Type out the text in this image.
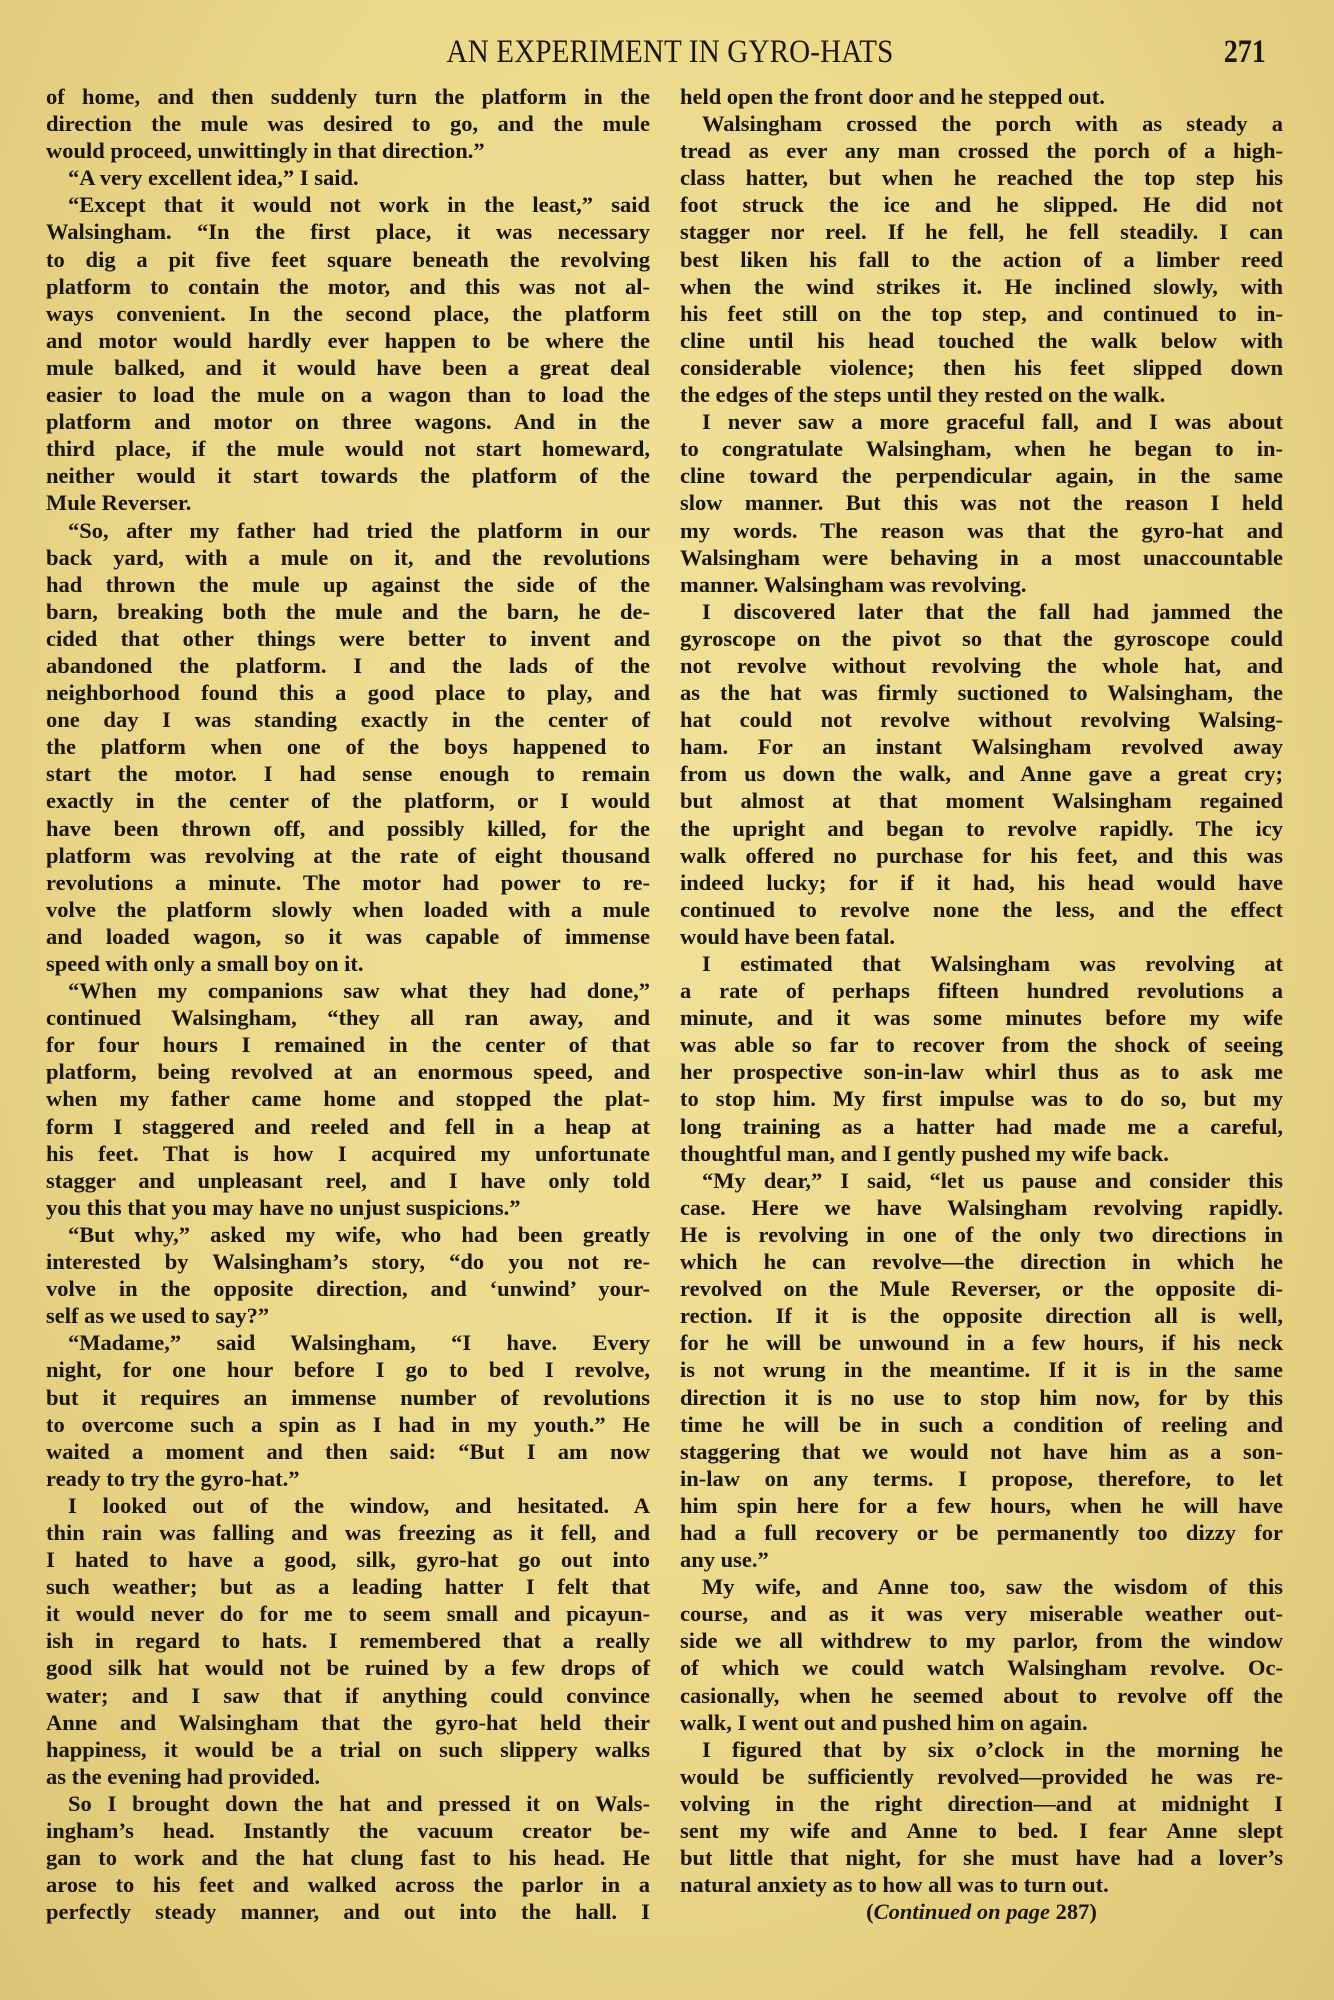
AN EXPERIMENT IN GYRO-HATS	271
of home, and then suddenly turn the platform in the
direction the mule was desired to go, and the mule
would proceed, unwittingly in that direction.”
“A very excellent idea,” I said.
“Except that it would not work in the least,” said
Walsingham. “In the first place, it was necessary
to dig a pit five feet square beneath the revolving
platform to contain the motor, and this was not al-
ways convenient. In the second place, the platform
and motor would hardly ever happen to be where the
mule balked, and it would have been a great deal
easier to load the mule on a wagon than to load the
platform and motor on three wagons. And in the
third place, if the mule would not start homeward,
neither would it start towards the platform of the
Mule Reverser.
“So, after my father had tried the platform in our
back yard, with a mule on it, and the revolutions
had thrown the mule up against the side of the
barn, breaking both the mule and the barn, he de-
cided that other things were better to invent and
abandoned the platform. I and the lads of the
neighborhood found this a good place to play, and
one day I was standing exactly in the center of
the platform when one of the boys happened to
start the motor. I had sense enough to remain
exactly in the center of the platform, or I would
have been thrown off, and possibly killed, for the
platform was revolving at the rate of eight thousand
revolutions a minute. The motor had power to re-
volve the platform slowly when loaded with a mule
and loaded wagon, so it was capable of immense
speed with only a small boy on it.
“When my companions saw what they had done,”
continued Walsingham, “they all ran away, and
for four hours I remained in the center of that
platform, being revolved at an enormous speed, and
when my father came home and stopped the plat-
form I staggered and reeled and fell in a heap at
his feet. That is how I acquired my unfortunate
stagger and unpleasant reel, and I have only told
you this that you may have no unjust suspicions.”
“But why,” asked my wife, who had been greatly
interested by Walsingham’s story, “do you not re-
volve in the opposite direction, and ‘unwind’ your-
self as we used to say?”
“Madame,” said Walsingham, “I have. Every
night, for one hour before I go to bed I revolve,
but it requires an immense number of revolutions
to overcome such a spin as I had in my youth.” He
waited a moment and then said: “But I am now
ready to try the gyro-hat.”
I looked out of the window, and hesitated. A
thin rain was falling and was freezing as it fell, and
I hated to have a good, silk, gyro-hat go out into
such weather; but as a leading hatter I felt that
it would never do for me to seem small and picayun-
ish in regard to hats. I remembered that a really
good silk hat would not be ruined by a few drops of
water; and I saw that if anything could convince
Anne and Walsingham that the gyro-hat held their
happiness, it would be a trial on such slippery walks
as the evening had provided.
So I brought down the hat and pressed it on Wals-
ingham’s head. Instantly the vacuum creator be-
gan to work and the hat clung fast to his head. He
arose to his feet and walked across the parlor in a
perfectly steady manner, and out into the hall. I
held open the front door and he stepped out.
Walsingham crossed the porch with as steady a
tread as ever any man crossed the porch of a high-
class hatter, but when he reached the top step his
foot struck the ice and he slipped. He did not
stagger nor reel. If he fell, he fell steadily. I can
best liken his fall to the action of a limber reed
when the wind strikes it. He inclined slowly, with
his feet still on the top step, and continued to in-
cline until his head touched the walk below with
considerable violence; then his feet slipped down
the edges of the steps until they rested on the walk.
I never saw a more graceful fall, and I was about
to congratulate Walsingham, when he began to in-
cline toward the perpendicular again, in the same
slow manner. But this was not the reason I held
my words. The reason was that the gyro-hat and
Walsingham were behaving in a most unaccountable
manner. Walsingham was revolving.
I discovered later that the fall had jammed the
gyroscope on the pivot so that the gyroscope could
not revolve without revolving the whole hat, and
as the hat was firmly suctioned to Walsingham, the
hat could not revolve without revolving Walsing-
ham. For an instant Walsingham revolved away
from us down the walk, and Anne gave a great cry;
but almost at that moment Walsingham regained
the upright and began to revolve rapidly. The icy
walk offered no purchase for his feet, and this was
indeed lucky; for if it had, his head would have
continued to revolve none the less, and the effect
would have been fatal.
I estimated that Walsingham was revolving at
a rate of perhaps fifteen hundred revolutions a
minute, and it was some minutes before my wife
was able so far to recover from the shock of seeing
her prospective son-in-law whirl thus as to ask me
to stop him. My first impulse was to do so, but my
long training as a hatter had made me a careful,
thoughtful man, and I gently pushed my wife back.
“My dear,” I said, “let us pause and consider this
case. Here we have Walsingham revolving rapidly.
He is revolving in one of the only two directions in
which he can revolve—the direction in which he
revolved on the Mule Reverser, or the opposite di-
rection. If it is the opposite direction all is well,
for he will be unwound in a few hours, if his neck
is not wrung in the meantime. If it is in the same
direction it is no use to stop him now, for by this
time he will be in such a condition of reeling and
staggering that we would not have him as a son-
in-law on any terms. I propose, therefore, to let
him spin here for a few hours, when he will have
had a full recovery or be permanently too dizzy for
any use.”
My wife, and Anne too, saw the wisdom of this
course, and as it was very miserable weather out-
side we all withdrew to my parlor, from the window
of which we could watch Walsingham revolve. Oc-
casionally, when he seemed about to revolve off the
walk, I went out and pushed him on again.
I figured that by six o’clock in the morning he
would be sufficiently revolved—provided he was re-
volving in the right direction—and at midnight I
sent my wife and Anne to bed. I fear Anne slept
but little that night, for she must have had a lover’s
natural anxiety as to how all was to turn out.
(Continued on page 287)
